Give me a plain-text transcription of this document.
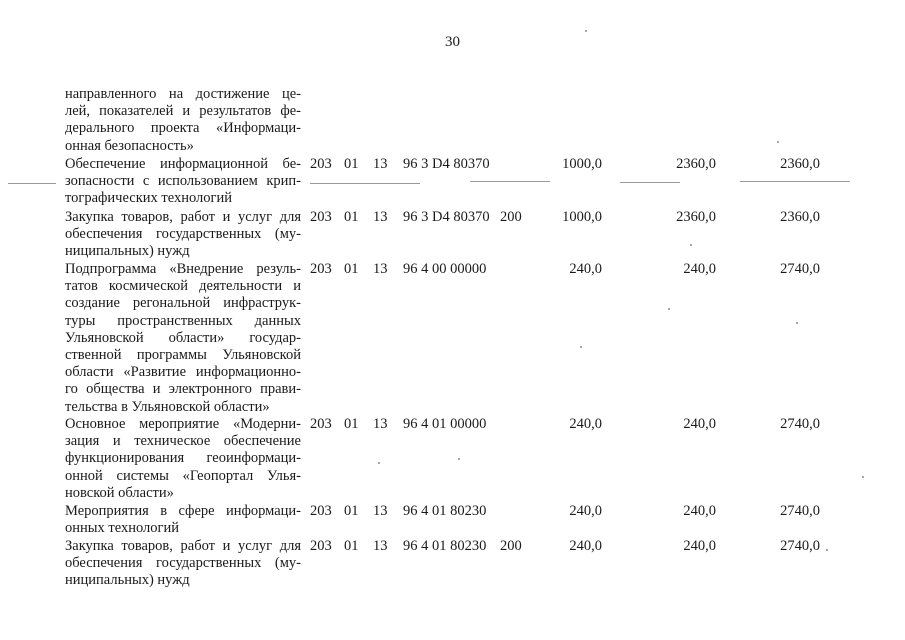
30
направленного на достижение це-
лей, показателей и результатов фе-
дерального проекта «Информаци-
онная безопасность»
Обеспечение информационной бе-
зопасности с использованием крип-
тографических технологий
203 01 13 96 3 D4 80370	1000,0	2360,0	2360,0
Закупка товаров, работ и услуг для
обеспечения государственных (му-
ниципальных) нужд
203 01 13 96 3 D4 80370 200	1000,0	2360,0	2360,0
Подпрограмма «Внедрение резуль-
татов космической деятельности и
создание регональной инфраструк-
туры пространственных данных
Ульяновской области» государ-
ственной программы Ульяновской
области «Развитие информационно-
го общества и электронного прави-
тельства в Ульяновской области»
203 01 13 96 4 00 00000	240,0	240,0	2740,0
Основное мероприятие «Модерни-
зация и техническое обеспечение
функционирования геоинформаци-
онной системы «Геопортал Улья-
новской области»
203 01 13 96 4 01 00000	240,0	240,0	2740,0
Мероприятия в сфере информаци-
онных технологий
203 01 13 96 4 01 80230	240,0	240,0	2740,0
Закупка товаров, работ и услуг для
обеспечения государственных (му-
ниципальных) нужд
203 01 13 96 4 01 80230 200	240,0	240,0	2740,0
